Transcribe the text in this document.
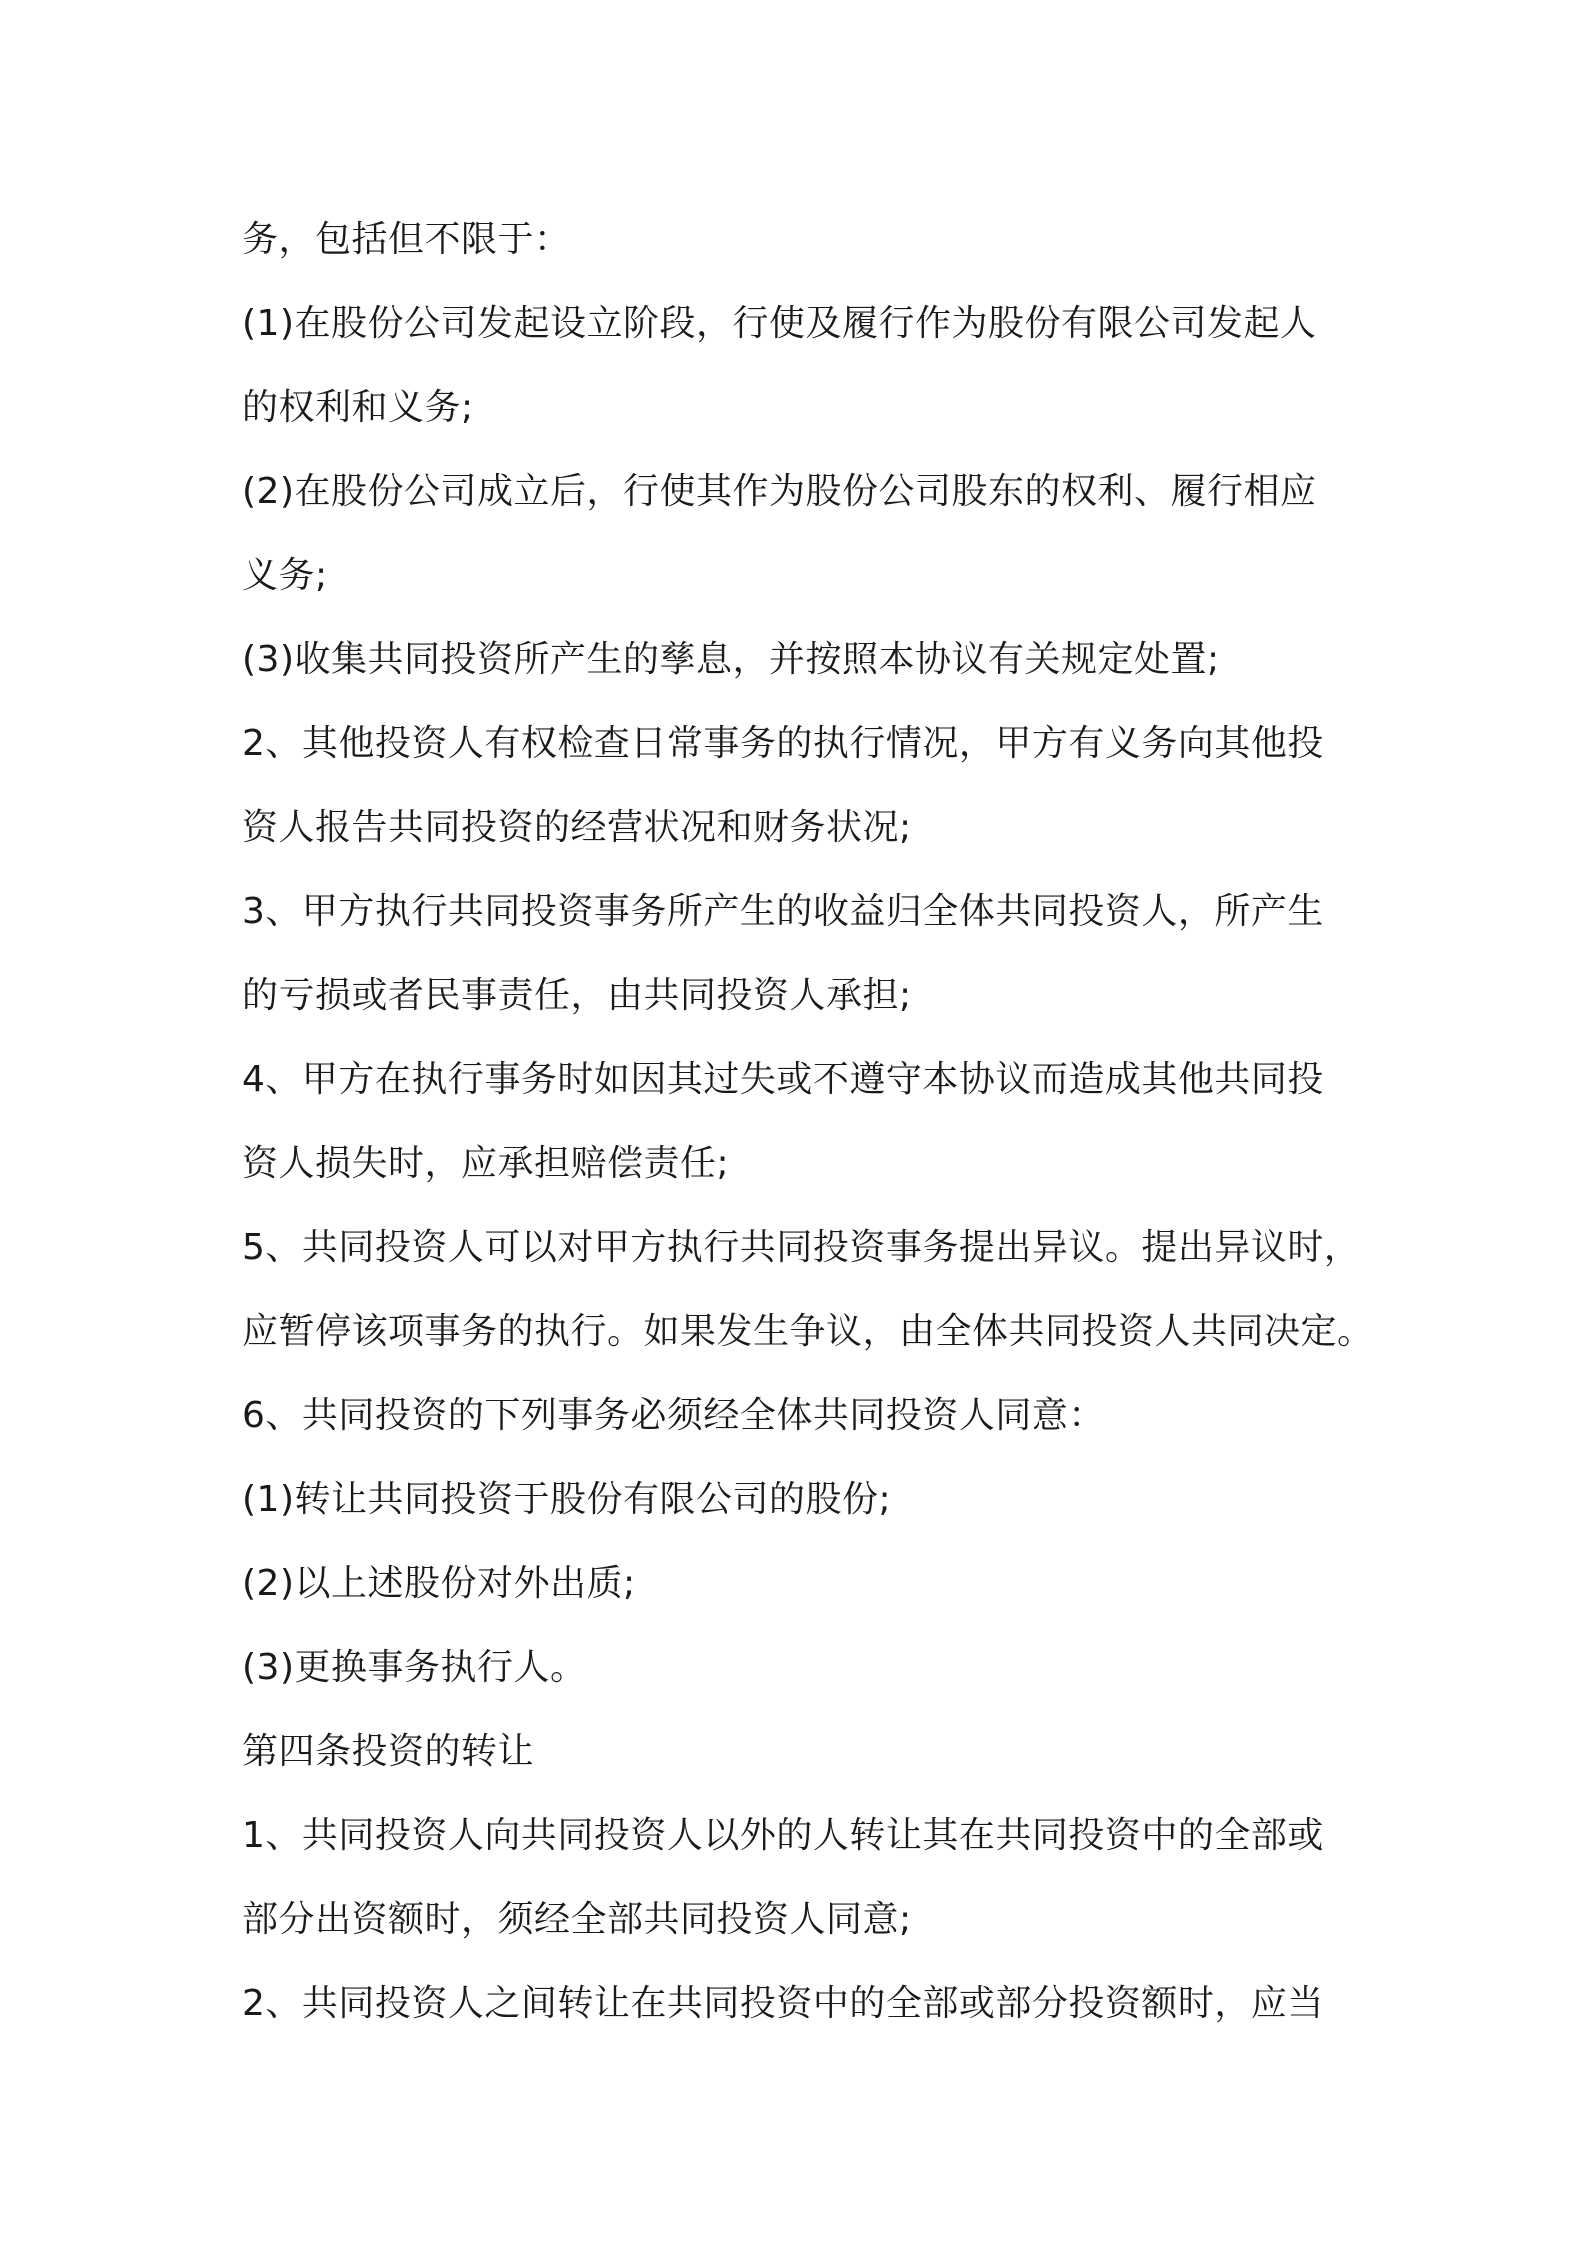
务，包括但不限于：
(1)在股份公司发起设立阶段，行使及履行作为股份有限公司发起人
的权利和义务;
(2)在股份公司成立后，行使其作为股份公司股东的权利、履行相应
义务;
(3)收集共同投资所产生的孳息，并按照本协议有关规定处置;
2、其他投资人有权检查日常事务的执行情况，甲方有义务向其他投
资人报告共同投资的经营状况和财务状况;
3、甲方执行共同投资事务所产生的收益归全体共同投资人，所产生
的亏损或者民事责任，由共同投资人承担;
4、甲方在执行事务时如因其过失或不遵守本协议而造成其他共同投
资人损失时，应承担赔偿责任;
5、共同投资人可以对甲方执行共同投资事务提出异议。提出异议时，
应暂停该项事务的执行。如果发生争议，由全体共同投资人共同决定。
6、共同投资的下列事务必须经全体共同投资人同意：
(1)转让共同投资于股份有限公司的股份;
(2)以上述股份对外出质;
(3)更换事务执行人。
第四条投资的转让
1、共同投资人向共同投资人以外的人转让其在共同投资中的全部或
部分出资额时，须经全部共同投资人同意;
2、共同投资人之间转让在共同投资中的全部或部分投资额时，应当
